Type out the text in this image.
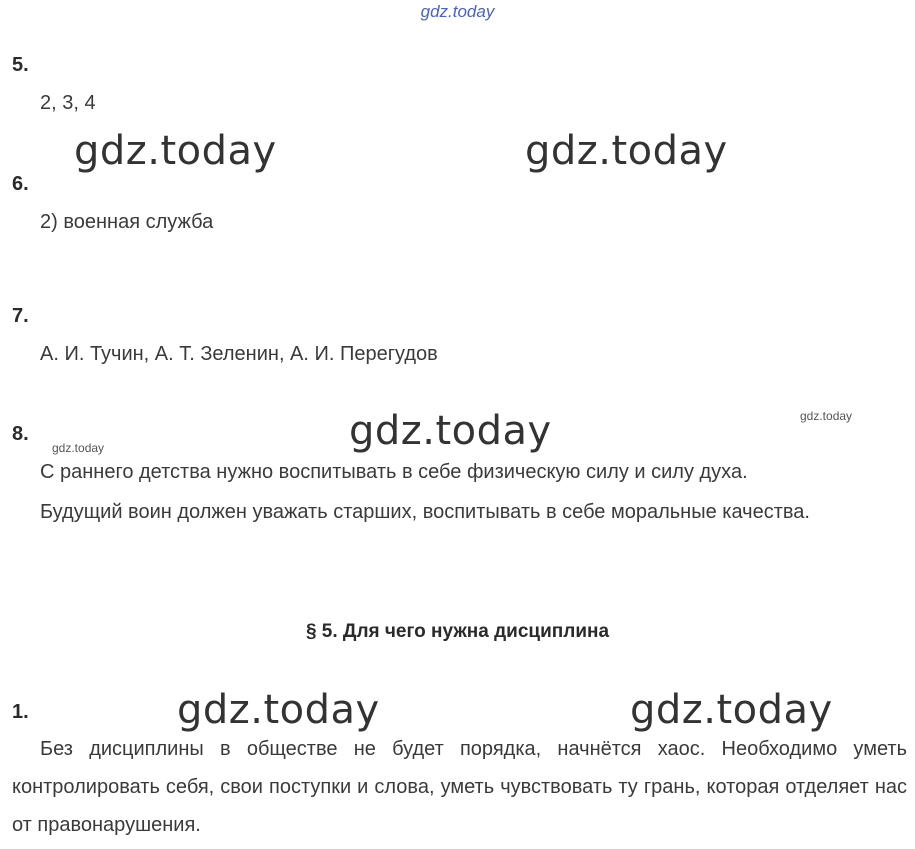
gdz.today
5.
2, 3, 4
gdz.today	gdz.today
6.
2) военная служба
7.
А. И. Тучин, А. Т. Зеленин, А. И. Перегудов
gdz.today
8.
gdz.today	gdz.today
С раннего детства нужно воспитывать в себе физическую силу и силу духа.
Будущий воин должен уважать старших, воспитывать в себе моральные качества.
§ 5. Для чего нужна дисциплина
1.	gdz.today	gdz.today
Без дисциплины в обществе не будет порядка, начнётся хаос. Необходимо уметь контролировать себя, свои поступки и слова, уметь чувствовать ту грань, которая отделяет нас от правонарушения.
